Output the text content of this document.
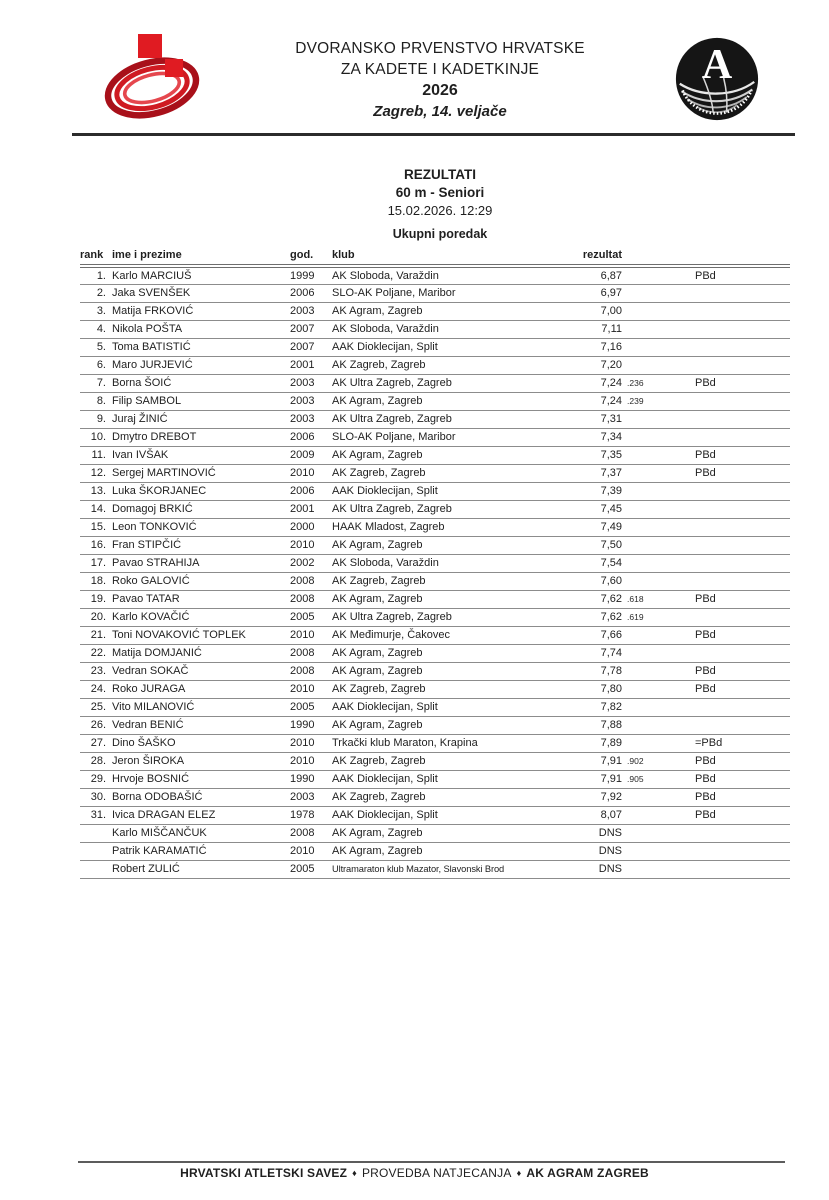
DVORANSKO PRVENSTVO HRVATSKE
ZA KADETE I KADETKINJE
2026
Zagreb, 14. veljače
A
REZULTATI
60 m - Seniori
15.02.2026. 12:29
Ukupni poredak
rank	ime i prezime	god.	klub	rezultat		
1.	Karlo MARCIUŠ	1999	AK Sloboda, Varaždin	6,87		PBd
2.	Jaka SVENŠEK	2006	SLO-AK Poljane, Maribor	6,97		
3.	Matija FRKOVIĆ	2003	AK Agram, Zagreb	7,00		
4.	Nikola POŠTA	2007	AK Sloboda, Varaždin	7,11		
5.	Toma BATISTIĆ	2007	AAK Dioklecijan, Split	7,16		
6.	Maro JURJEVIĆ	2001	AK Zagreb, Zagreb	7,20		
7.	Borna ŠOIĆ	2003	AK Ultra Zagreb, Zagreb	7,24	.236	PBd
8.	Filip SAMBOL	2003	AK Agram, Zagreb	7,24	.239	
9.	Juraj ŽINIĆ	2003	AK Ultra Zagreb, Zagreb	7,31		
10.	Dmytro DREBOT	2006	SLO-AK Poljane, Maribor	7,34		
11.	Ivan IVŠAK	2009	AK Agram, Zagreb	7,35		PBd
12.	Sergej MARTINOVIĆ	2010	AK Zagreb, Zagreb	7,37		PBd
13.	Luka ŠKORJANEC	2006	AAK Dioklecijan, Split	7,39		
14.	Domagoj BRKIĆ	2001	AK Ultra Zagreb, Zagreb	7,45		
15.	Leon TONKOVIĆ	2000	HAAK Mladost, Zagreb	7,49		
16.	Fran STIPČIĆ	2010	AK Agram, Zagreb	7,50		
17.	Pavao STRAHIJA	2002	AK Sloboda, Varaždin	7,54		
18.	Roko GALOVIĆ	2008	AK Zagreb, Zagreb	7,60		
19.	Pavao TATAR	2008	AK Agram, Zagreb	7,62	.618	PBd
20.	Karlo KOVAČIĆ	2005	AK Ultra Zagreb, Zagreb	7,62	.619	
21.	Toni NOVAKOVIĆ TOPLEK	2010	AK Međimurje, Čakovec	7,66		PBd
22.	Matija DOMJANIĆ	2008	AK Agram, Zagreb	7,74		
23.	Vedran SOKAČ	2008	AK Agram, Zagreb	7,78		PBd
24.	Roko JURAGA	2010	AK Zagreb, Zagreb	7,80		PBd
25.	Vito MILANOVIĆ	2005	AAK Dioklecijan, Split	7,82		
26.	Vedran BENIĆ	1990	AK Agram, Zagreb	7,88		
27.	Dino ŠAŠKO	2010	Trkački klub Maraton, Krapina	7,89		=PBd
28.	Jeron ŠIROKA	2010	AK Zagreb, Zagreb	7,91	.902	PBd
29.	Hrvoje BOSNIĆ	1990	AAK Dioklecijan, Split	7,91	.905	PBd
30.	Borna ODOBAŠIĆ	2003	AK Zagreb, Zagreb	7,92		PBd
31.	Ivica DRAGAN ELEZ	1978	AAK Dioklecijan, Split	8,07		PBd
	Karlo MIŠČANČUK	2008	AK Agram, Zagreb	DNS		
	Patrik KARAMATIĆ	2010	AK Agram, Zagreb	DNS		
	Robert ZULIĆ	2005	Ultramaraton klub Mazator, Slavonski Brod	DNS		
HRVATSKI ATLETSKI SAVEZ ♦ PROVEDBA NATJECANJA ♦ AK AGRAM ZAGREB
